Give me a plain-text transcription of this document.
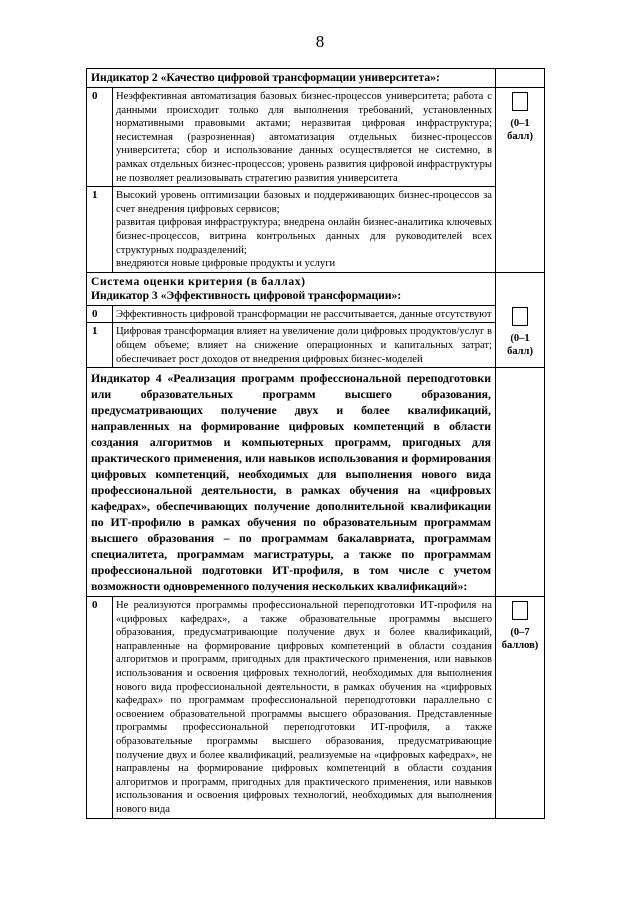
8
Индикатор 2 «Качество цифровой трансформации университета»:		
0	Неэффективная автоматизация базовых бизнес-процессов университета; работа с данными происходит только для выполнения требований, установленных нормативными правовыми актами; неразвитая цифровая инфраструктура; несистемная (разрозненная) автоматизация отдельных бизнес-процессов университета; сбор и использование данных осуществляется не системно, в рамках отдельных бизнес-процессов; уровень развития цифровой инфраструктуры не позволяет реализовывать стратегию развития университета	(0–1 балл)
1	Высокий уровень оптимизации базовых и поддерживающих бизнес-процессов за счет внедрения цифровых сервисов;

развитая цифровая инфраструктура; внедрена онлайн бизнес-аналитика ключевых бизнес-процессов, витрина контрольных данных для руководителей всех структурных подразделений;

внедряются новые цифровые продукты и услуги	

Система оценки критерия (в баллах)
Индикатор 3 «Эффективность цифровой трансформации»:		

0	Эффективность цифровой трансформации не рассчитывается, данные отсутствуют	(0–1 балл)
1	Цифровая трансформация влияет на увеличение доли цифровых продуктов/услуг в общем объеме; влияет на снижение операционных и капитальных затрат; обеспечивает рост доходов от внедрения цифровых бизнес-моделей	
Индикатор 4 «Реализация программ профессиональной переподготовки или образовательных программ высшего образования, предусматривающих получение двух и более квалификаций, направленных на формирование цифровых компетенций в области создания алгоритмов и компьютерных программ, пригодных для практического применения, или навыков использования и формирования цифровых компетенций, необходимых для выполнения нового вида профессиональной деятельности, в рамках обучения на «цифровых кафедрах», обеспечивающих получение дополнительной квалификации по ИТ-профилю в рамках обучения по образовательным программам высшего образования – по программам бакалавриата, программам специалитета, программам магистратуры, а также по программам профессиональной подготовки ИТ-профиля, в том числе с учетом возможности одновременного получения нескольких квалификаций»:		
0	Не реализуются программы профессиональной переподготовки ИТ-профиля на «цифровых кафедрах», а также образовательные программы высшего образования, предусматривающие получение двух и более квалификаций, направленные на формирование цифровых компетенций в области создания алгоритмов и программ, пригодных для практического применения, или навыков использования и освоения цифровых технологий, необходимых для выполнения нового вида профессиональной деятельности, в рамках обучения на «цифровых кафедрах» по программам профессиональной переподготовки параллельно с освоением образовательной программы высшего образования. Представленные программы профессиональной переподготовки ИТ-профиля, а также образовательные программы высшего образования, предусматривающие получение двух и более квалификаций, реализуемые на «цифровых кафедрах», не направлены на формирование цифровых компетенций в области создания алгоритмов и программ, пригодных для практического применения, или навыков использования и освоения цифровых технологий, необходимых для выполнения нового вида	(0–7 баллов)
